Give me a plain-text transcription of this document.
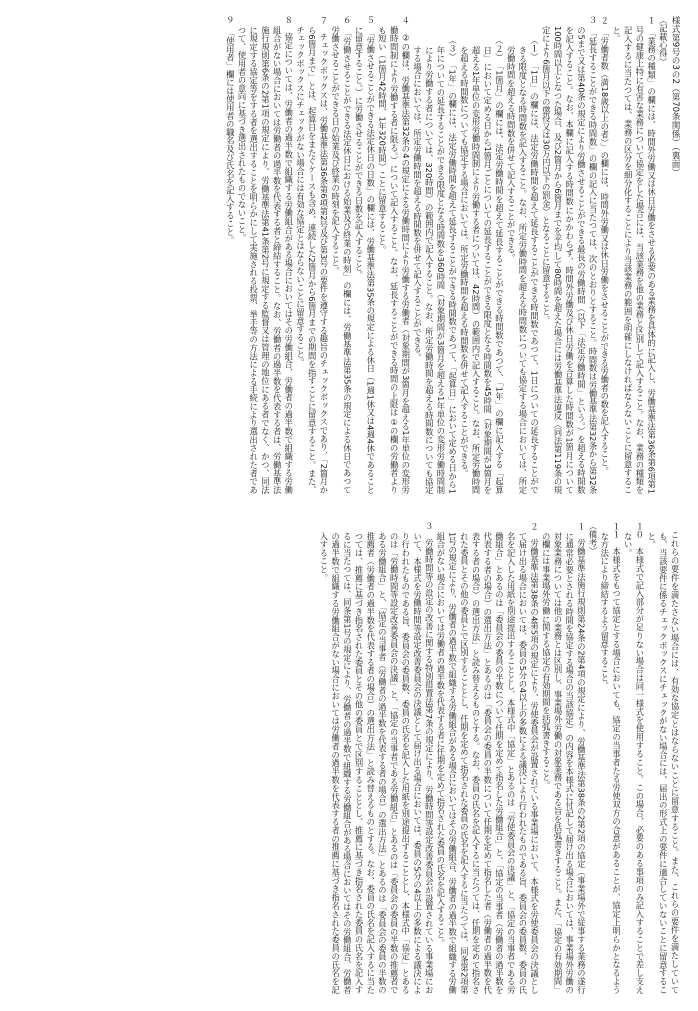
様式第9号の3の2（第70条関係）（裏面）

（記載心得）

１　「業務の種類」の欄には、時間外労働又は休日労働をさせる必要のある業務を具体的に記入し、労働基準法第36条第6項第1号の健康上特に有害な業務について協定をした場合には、当該業務を他の業務と区別して記入すること。なお、業務の種類を記入するに当たつては、業務の区分を細分化することにより当該業務の範囲を明確にしなければならないことに留意すること。

２　「労働者数（満18歳以上の者）」の欄には、時間外労働又は休日労働をさせることができる労働者の数を記入すること。

３　「延長することができる時間数」の欄の記入に当たつては、次のとおりとすること。時間数は労働基準法第32条から第32条の5まで又は第40条の規定により労働させることができる最長の労働時間（以下「法定労働時間」という。）を超える時間数を記入すること。なお、本欄に記入する時間数にかかわらず、時間外労働及び休日労働を合算した時間数が1箇月について100時間以上となつた場合、及び2箇月から6箇月までを平均して80時間を超えた場合には労働基準法違反（同法第119条の規定により6箇月以下の懲役又は30万円以下の罰金）となることに留意すること。

（１）　「1日」の欄には、法定労働時間を超えて延長することができる時間数であつて、1日についての延長することができる限度となる時間数を記入すること。なお、所定労働時間を超える時間数についても協定する場合においては、所定労働時間を超える時間数を併せて記入することができる。

（２）　「1箇月」の欄には、法定労働時間を超えて延長することができる時間数であつて、「1年」の欄に記入する「起算日」において定める日から1箇月ごとについての延長することができる限度となる時間数を45時間（対象期間が3箇月を超える1年単位の変形労働時間制により労働する者については、42時間）の範囲内で記入すること。なお、所定労働時間を超える時間数についても協定する場合においては、所定労働時間を超える時間数を併せて記入することができる。

（３）　「1年」の欄には、法定労働時間を超えて延長することができる時間数であつて、「起算日」において定める日から1年についての延長することができる限度となる時間数を360時間（対象期間が3箇月を超える1年単位の変形労働時間制により労働する者については、320時間）の範囲内で記入すること。なお、所定労働時間を超える時間数についても協定する場合においては、所定労働時間を超える時間数を併せて記入することができる。

４　②の欄は、労働基準法第32条の4の規定による労働時間により労働する労働者（対象期間が3箇月を超える1年単位の変形労働時間制により労働する者に限る。）について記入すること。なお、延長することができる時間の上限は①の欄の労働者よりも短い（1箇月42時間、1年320時間）ことに留意すること。

５　「労働させることができる法定休日の日数」の欄には、労働基準法第35条の規定による休日（1週1休又は4週4休であることに留意すること。）に労働させることができる日数を記入すること。

６　「労働させることができる法定休日における始業及び終業の時刻」の欄には、労働基準法第35条の規定による休日であつて労働させることができる日の始業及び終業の時刻を記入すること。

７　チェックボックスは、労働基準法第36条第6項第2号及び第3号の要件を遵守する趣旨のチェックボックスであり、「2箇月から6箇月まで」とは、起算日をまたぐケースも含め、連続した2箇月から6箇月までの期間を指すことに留意すること。また、チェックボックスにチェックがない場合には有効な協定とはならないことに留意すること。

８　協定については、労働者の過半数で組織する労働組合がある場合においてはその労働組合、労働者の過半数で組織する労働組合がない場合においては労働者の過半数を代表する者と締結すること。なお、労働者の過半数を代表する者は、労働基準法施行規則第6条の2第1項の規定により、労働基準法第41条第2号に規定する監督又は管理の地位にある者でなく、かつ、同法に規定する協定等をする者を選出することを明らかにして実施される投票、挙手等の方法による手続により選出された者であつて、使用者の意向に基づき選出されたものでないこと。

９　「使用者」欄には使用者の職名及び氏名を記入すること。

　これらの要件を満たさない場合には、有効な協定とはならないことに留意すること。また、これらの要件を満たしていても、当該要件に係るチェックボックスにチェックがない場合には、届出の形式上の要件に適合していないことに留意すること。

１０　本様式で記入部分が足りない場合は同一様式を使用すること。この場合、必要のある事項のみ記入することで差し支えない。

１１　本様式をもつて協定とする場合においても、協定の当事者たる労使双方の合意があることが、協定上明らかとなるような方法により締結するよう留意すること。

（備考）

１　労働基準法施行規則第24条の2第4項の規定により、労働基準法第38条の2第2項の協定（事業場外で従事する業務の遂行に通常必要とされる時間を協定する場合の当該協定）の内容を本様式に付記して届け出る場合においては、事業場外労働の対象業務については他の業務とは区別し、事業場外労働の対象業務である旨を括弧書きすること。また、「協定の有効期間」の欄には事業場外労働に関する協定の有効期間を括弧書きすること。

２　労働基準法第38条の4第5項の規定により、労使委員会が設置されている事業場において、本様式を労使委員会の決議として届け出る場合においては、委員の5分の4以上の多数による議決により行われたものである旨、委員会の委員数、委員の氏名を記入した用紙を別途提出することとし、本様式中「協定」とあるのは「労使委員会の決議」と、「協定の当事者である労働組合」とあるのは「委員会の委員の半数について任期を定めて指名した労働組合」と、「協定の当事者（労働者の過半数を代表する者の場合）の選出方法」とあるのは「委員会の委員の半数について任期を定めて指名した者（労働者の過半数を代表する者の場合）の選出方法」と読み替えるものとする。なお、委員の氏名を記入するに当たつては、任期を定めて指名された委員とその他の委員とで区別することとし、任期を定めて指名された委員の氏名を記入するに当たつては、同条第2項第1号の規定により、労働者の過半数で組織する労働組合がある場合においてはその労働組合、労働者の過半数で組織する労働組合がない場合においては労働者の過半数を代表する者に任期を定めて指名された委員の氏名を記入すること。

３　労働時間等の設定の改善に関する特別措置法第7条の規定により、労働時間等設定改善委員会が設置されている事業場において、本様式を労働時間等設定改善委員会の決議として届け出る場合においては、委員の5分の4以上の多数による議決により行われたものである旨、委員会の委員数、委員の氏名を記入した用紙を別途提出することとし、本様式中「協定」とあるのは「労働時間等設定改善委員会の決議」と、「協定の当事者である労働組合」とあるのは「委員会の委員の半数の推薦者である労働組合」と、「協定の当事者（労働者の過半数を代表する者の場合）の選出方法」とあるのは「委員会の委員の半数の推薦者（労働者の過半数を代表する者の場合）の選出方法」と読み替えるものとする。なお、委員の氏名を記入するに当たつては、推薦に基づき指名された委員とその他の委員とで区別することとし、推薦に基づき指名された委員の氏名を記入するに当たつては、同条第1号の規定により、労働者の過半数で組織する労働組合がある場合においてはその労働組合、労働者の過半数で組織する労働組合がない場合においては労働者の過半数を代表する者の推薦に基づき指名された委員の氏名を記入すること。
